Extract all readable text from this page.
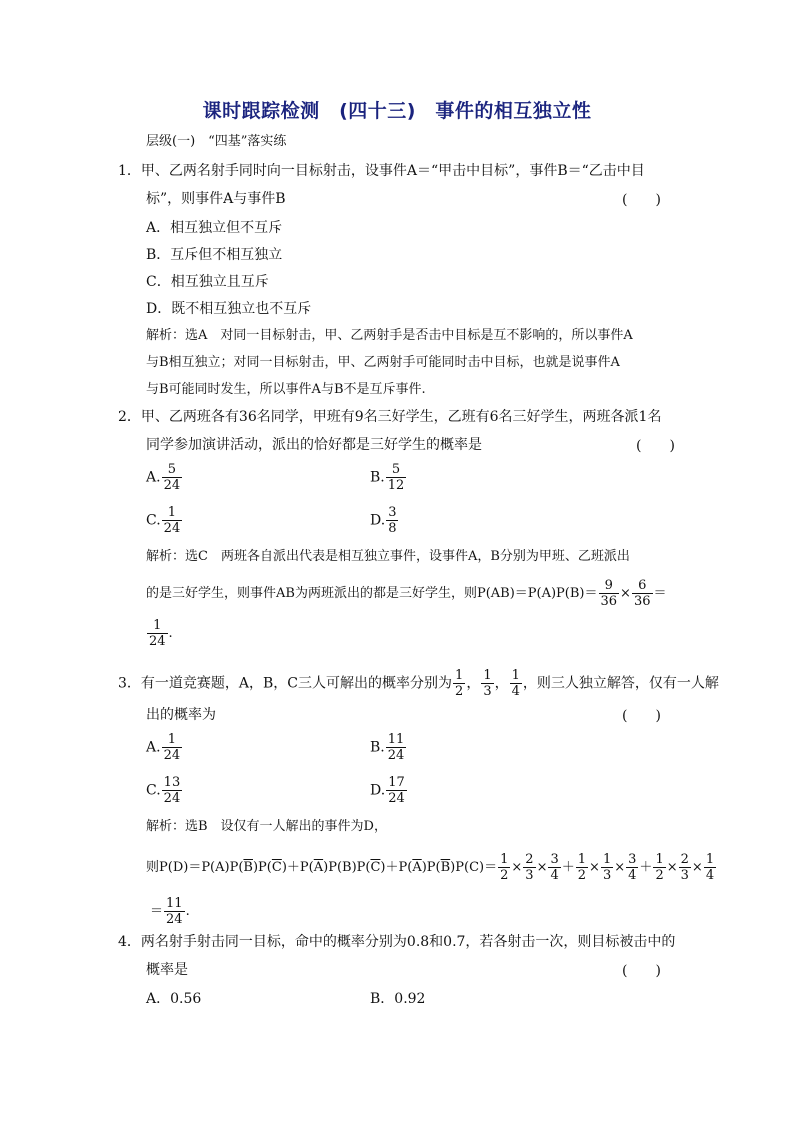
课时跟踪检测　(四十三)　事件的相互独立性
层级(一)　“四基”落实练
1．甲、乙两名射手同时向一目标射击，设事件A＝“甲击中目标”，事件B＝“乙击中目
标”，则事件A与事件B	(　　)
A．相互独立但不互斥
B．互斥但不相互独立
C．相互独立且互斥
D．既不相互独立也不互斥
解析：选A　对同一目标射击，甲、乙两射手是否击中目标是互不影响的，所以事件A
与B相互独立；对同一目标射击，甲、乙两射手可能同时击中目标，也就是说事件A
与B可能同时发生，所以事件A与B不是互斥事件.
2．甲、乙两班各有36名同学，甲班有9名三好学生，乙班有6名三好学生，两班各派1名
同学参加演讲活动，派出的恰好都是三好学生的概率是	(　　)
A. $\frac{5}{24}$	B. $\frac{5}{12}$
C. $\frac{1}{24}$	D. $\frac{3}{8}$
解析：选C　两班各自派出代表是相互独立事件，设事件A，B分别为甲班、乙班派出
的是三好学生，则事件AB为两班派出的都是三好学生，则$P(AB)=P(A)P(B)= \frac{9}{36} \times \frac{6}{36}$ ＝
$\frac{1}{24}$ .
3．有一道竞赛题，A，B，C三人可解出的概率分别为 $\frac{1}{2}$ ， $\frac{1}{3}$ ， $\frac{1}{4}$ ，则三人独立解答，仅有一人解
出的概率为	(　　)
A. $\frac{1}{24}$	B. $\frac{11}{24}$
C. $\frac{13}{24}$	D. $\frac{17}{24}$
解析：选B　设仅有一人解出的事件为D，
则$P(D)=P(A)P(\overline{B})P(\overline{C})+P(\overline{A})P(B)P(\overline{C})+P(\overline{A})P(\overline{B})P(C)= \frac{1}{2} \times \frac{2}{3} \times \frac{3}{4} + \frac{1}{2} \times \frac{1}{3} \times \frac{3}{4} + \frac{1}{2} \times \frac{2}{3} \times \frac{1}{4}$
＝ $\frac{11}{24}$ .
4．两名射手射击同一目标，命中的概率分别为0.8和0.7，若各射击一次，则目标被击中的
概率是	(　　)
A．0.56	B．0.92
